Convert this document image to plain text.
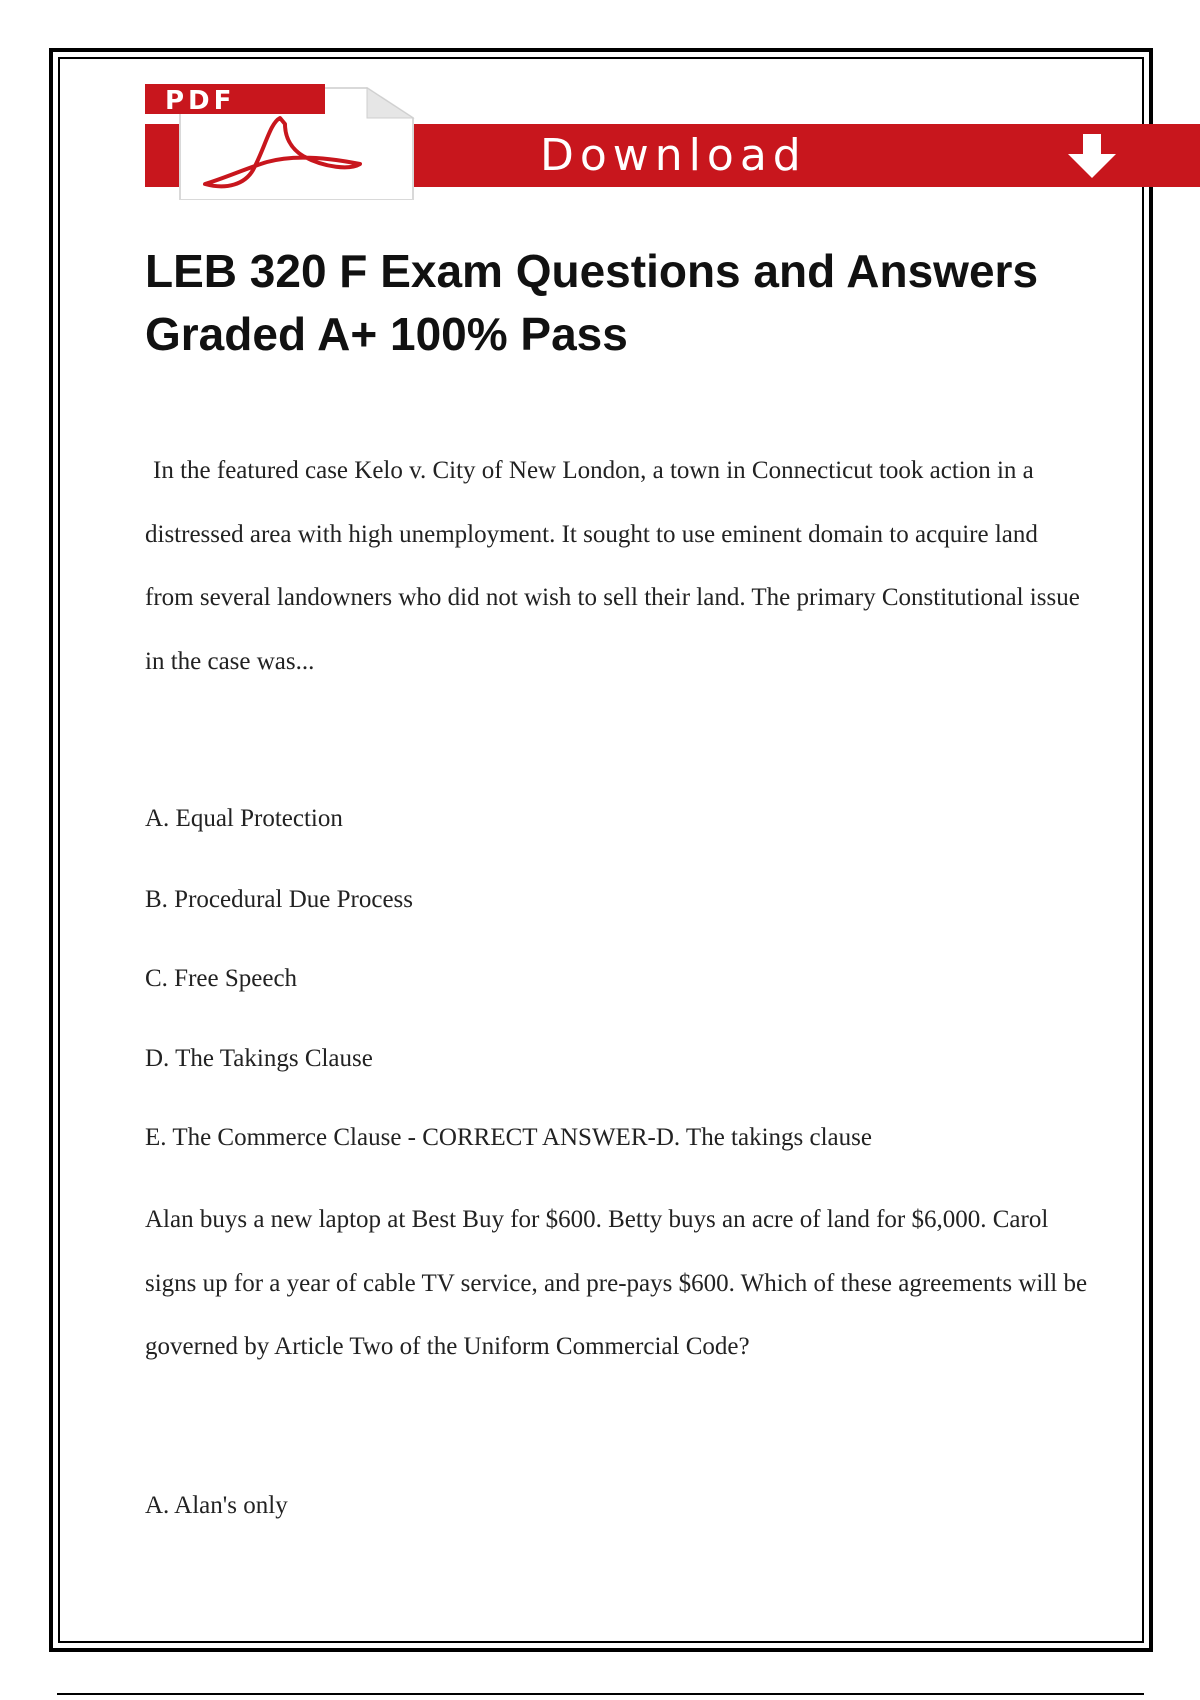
Download
PDF
LEB 320 F Exam Questions and Answers Graded A+ 100% Pass

In the featured case Kelo v. City of New London, a town in Connecticut took action in a distressed area with high unemployment. It sought to use eminent domain to acquire land from several landowners who did not wish to sell their land. The primary Constitutional issue in the case was...

A. Equal Protection

B. Procedural Due Process

C. Free Speech

D. The Takings Clause

E. The Commerce Clause - CORRECT ANSWER-D. The takings clause

Alan buys a new laptop at Best Buy for $600. Betty buys an acre of land for $6,000. Carol signs up for a year of cable TV service, and pre-pays $600. Which of these agreements will be governed by Article Two of the Uniform Commercial Code?

A. Alan's only
